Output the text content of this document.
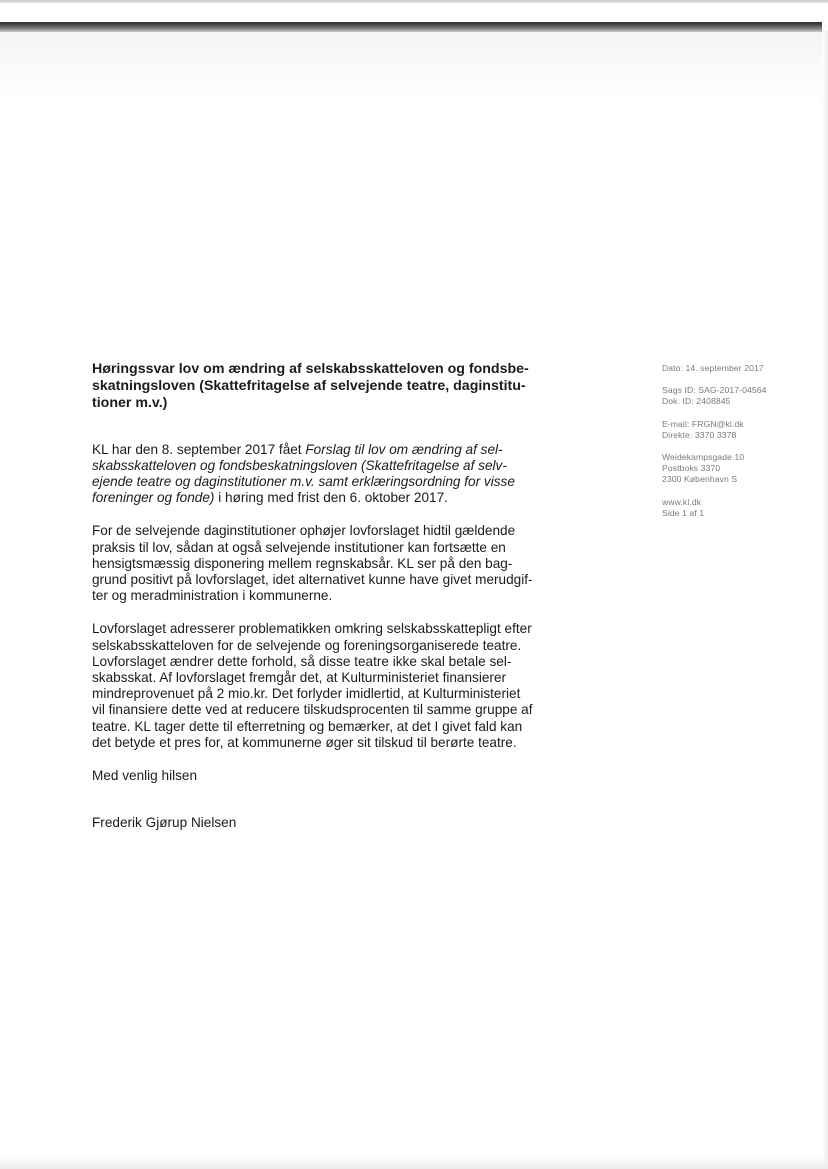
Høringssvar lov om ændring af selskabsskatteloven og fondsbe-
skatningsloven (Skattefritagelse af selvejende teatre, daginstitu-
tioner m.v.)
KL har den 8. september 2017 fået Forslag til lov om ændring af sel-
skabsskatteloven og fondsbeskatningsloven (Skattefritagelse af selv-
ejende teatre og daginstitutioner m.v. samt erklæringsordning for visse
foreninger og fonde) i høring med frist den 6. oktober 2017.
For de selvejende daginstitutioner ophøjer lovforslaget hidtil gældende
praksis til lov, sådan at også selvejende institutioner kan fortsætte en
hensigtsmæssig disponering mellem regnskabsår. KL ser på den bag-
grund positivt på lovforslaget, idet alternativet kunne have givet merudgif-
ter og meradministration i kommunerne.
Lovforslaget adresserer problematikken omkring selskabsskattepligt efter
selskabsskatteloven for de selvejende og foreningsorganiserede teatre.
Lovforslaget ændrer dette forhold, så disse teatre ikke skal betale sel-
skabsskat. Af lovforslaget fremgår det, at Kulturministeriet finansierer
mindreprovenuet på 2 mio.kr. Det forlyder imidlertid, at Kulturministeriet
vil finansiere dette ved at reducere tilskudsprocenten til samme gruppe af
teatre. KL tager dette til efterretning og bemærker, at det I givet fald kan
det betyde et pres for, at kommunerne øger sit tilskud til berørte teatre.
Med venlig hilsen
Frederik Gjørup Nielsen
Dato: 14. september 2017
Sags ID: SAG-2017-04564
Dok. ID: 2408845
E-mail: FRGN@kl.dk
Direkte: 3370 3378
Weidekampsgade 10
Postboks 3370
2300 København S
www.kl.dk
Side 1 af 1
